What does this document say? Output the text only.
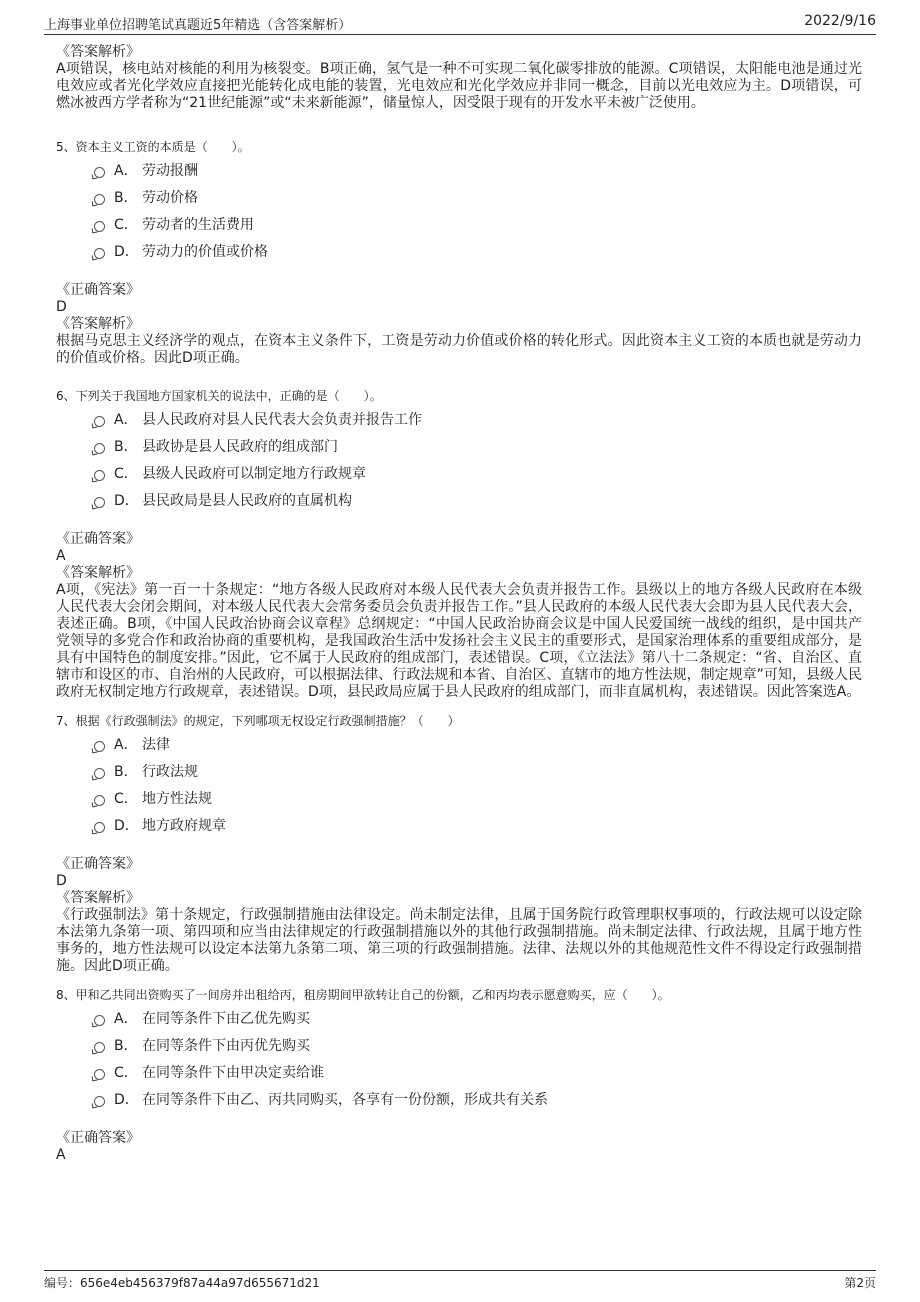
上海事业单位招聘笔试真题近5年精选（含答案解析）	2022/9/16

《答案解析》

A项错误，核电站对核能的利用为核裂变。B项正确，氢气是一种不可实现二氧化碳零排放的能源。C项错误，太阳能电池是通过光电效应或者光化学效应直接把光能转化成电能的装置，光电效应和光化学效应并非同一概念，目前以光电效应为主。D项错误，可燃冰被西方学者称为“21世纪能源”或“未来新能源”，储量惊人，因受限于现有的开发水平未被广泛使用。

5、资本主义工资的本质是（　　）。

A． 劳动报酬
B． 劳动价格
C． 劳动者的生活费用
D． 劳动力的价值或价格

《正确答案》

D

《答案解析》

根据马克思主义经济学的观点，在资本主义条件下，工资是劳动力价值或价格的转化形式。因此资本主义工资的本质也就是劳动力的价值或价格。因此D项正确。

6、下列关于我国地方国家机关的说法中，正确的是（　　）。

A． 县人民政府对县人民代表大会负责并报告工作
B． 县政协是县人民政府的组成部门
C． 县级人民政府可以制定地方行政规章
D． 县民政局是县人民政府的直属机构

《正确答案》

A

《答案解析》

A项，《宪法》第一百一十条规定：“地方各级人民政府对本级人民代表大会负责并报告工作。县级以上的地方各级人民政府在本级人民代表大会闭会期间，对本级人民代表大会常务委员会负责并报告工作。”县人民政府的本级人民代表大会即为县人民代表大会，表述正确。B项，《中国人民政治协商会议章程》总纲规定：“中国人民政治协商会议是中国人民爱国统一战线的组织，是中国共产党领导的多党合作和政治协商的重要机构，是我国政治生活中发扬社会主义民主的重要形式，是国家治理体系的重要组成部分，是具有中国特色的制度安排。”因此，它不属于人民政府的组成部门，表述错误。C项，《立法法》第八十二条规定：“省、自治区、直辖市和设区的市、自治州的人民政府，可以根据法律、行政法规和本省、自治区、直辖市的地方性法规，制定规章”可知，县级人民政府无权制定地方行政规章，表述错误。D项，县民政局应属于县人民政府的组成部门，而非直属机构，表述错误。因此答案选A。

7、根据《行政强制法》的规定，下列哪项无权设定行政强制措施？（　　）

A． 法律
B． 行政法规
C． 地方性法规
D． 地方政府规章

《正确答案》

D

《答案解析》

《行政强制法》第十条规定，行政强制措施由法律设定。尚未制定法律，且属于国务院行政管理职权事项的，行政法规可以设定除本法第九条第一项、第四项和应当由法律规定的行政强制措施以外的其他行政强制措施。尚未制定法律、行政法规，且属于地方性事务的，地方性法规可以设定本法第九条第二项、第三项的行政强制措施。法律、法规以外的其他规范性文件不得设定行政强制措施。因此D项正确。

8、甲和乙共同出资购买了一间房并出租给丙，租房期间甲欲转让自己的份额，乙和丙均表示愿意购买，应（　　）。

A． 在同等条件下由乙优先购买
B． 在同等条件下由丙优先购买
C． 在同等条件下由甲决定卖给谁
D． 在同等条件下由乙、丙共同购买，各享有一份份额，形成共有关系

《正确答案》

A

编号：656e4eb456379f87a44a97d655671d21	第2页
